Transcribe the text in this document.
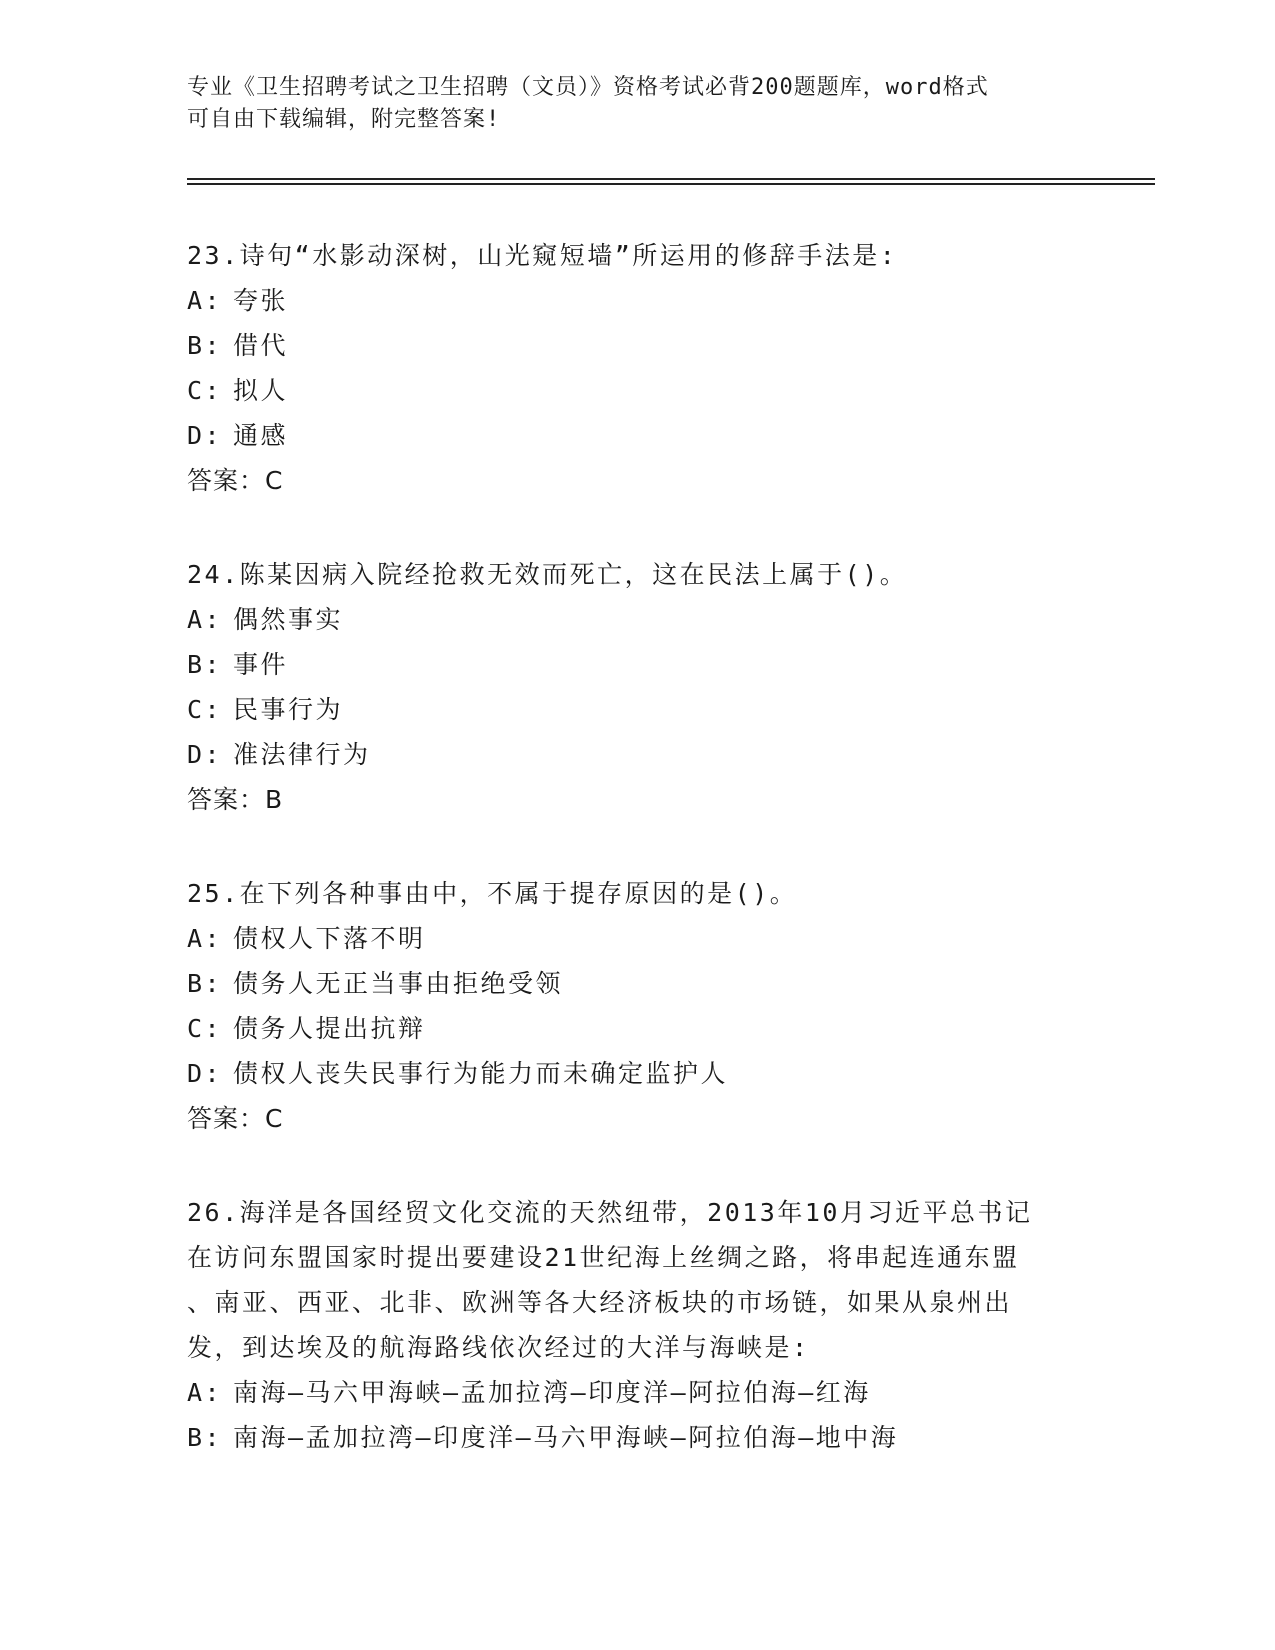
专业《卫生招聘考试之卫生招聘（文员）》资格考试必背200题题库，word格式
可自由下载编辑，附完整答案!
23.诗句“水影动深树，山光窥短墙”所运用的修辞手法是:
A: 夸张
B: 借代
C: 拟人
D: 通感
答案：C
24.陈某因病入院经抢救无效而死亡，这在民法上属于()。
A: 偶然事实
B: 事件
C: 民事行为
D: 准法律行为
答案：B
25.在下列各种事由中，不属于提存原因的是()。
A: 债权人下落不明
B: 债务人无正当事由拒绝受领
C: 债务人提出抗辩
D: 债权人丧失民事行为能力而未确定监护人
答案：C
26.海洋是各国经贸文化交流的天然纽带，2013年10月习近平总书记
在访问东盟国家时提出要建设21世纪海上丝绸之路，将串起连通东盟
、南亚、西亚、北非、欧洲等各大经济板块的市场链，如果从泉州出
发，到达埃及的航海路线依次经过的大洋与海峡是:
A: 南海—马六甲海峡—孟加拉湾—印度洋—阿拉伯海—红海
B: 南海—孟加拉湾—印度洋—马六甲海峡—阿拉伯海—地中海
